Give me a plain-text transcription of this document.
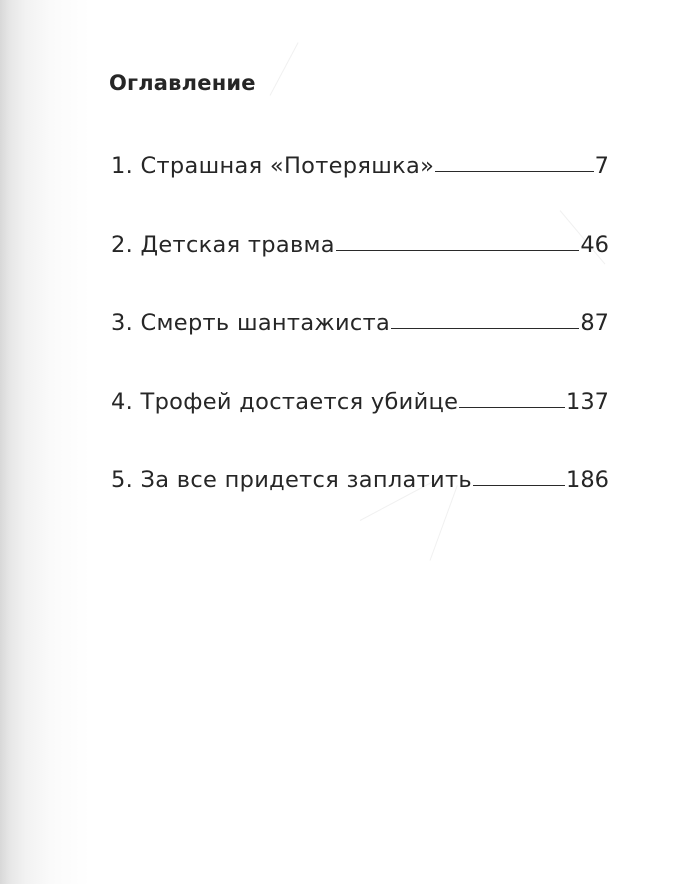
Оглавление
1. Страшная «Потеряшка»	7
2. Детская травма	46
3. Смерть шантажиста	87
4. Трофей достается убийце	137
5. За все придется заплатить	186
